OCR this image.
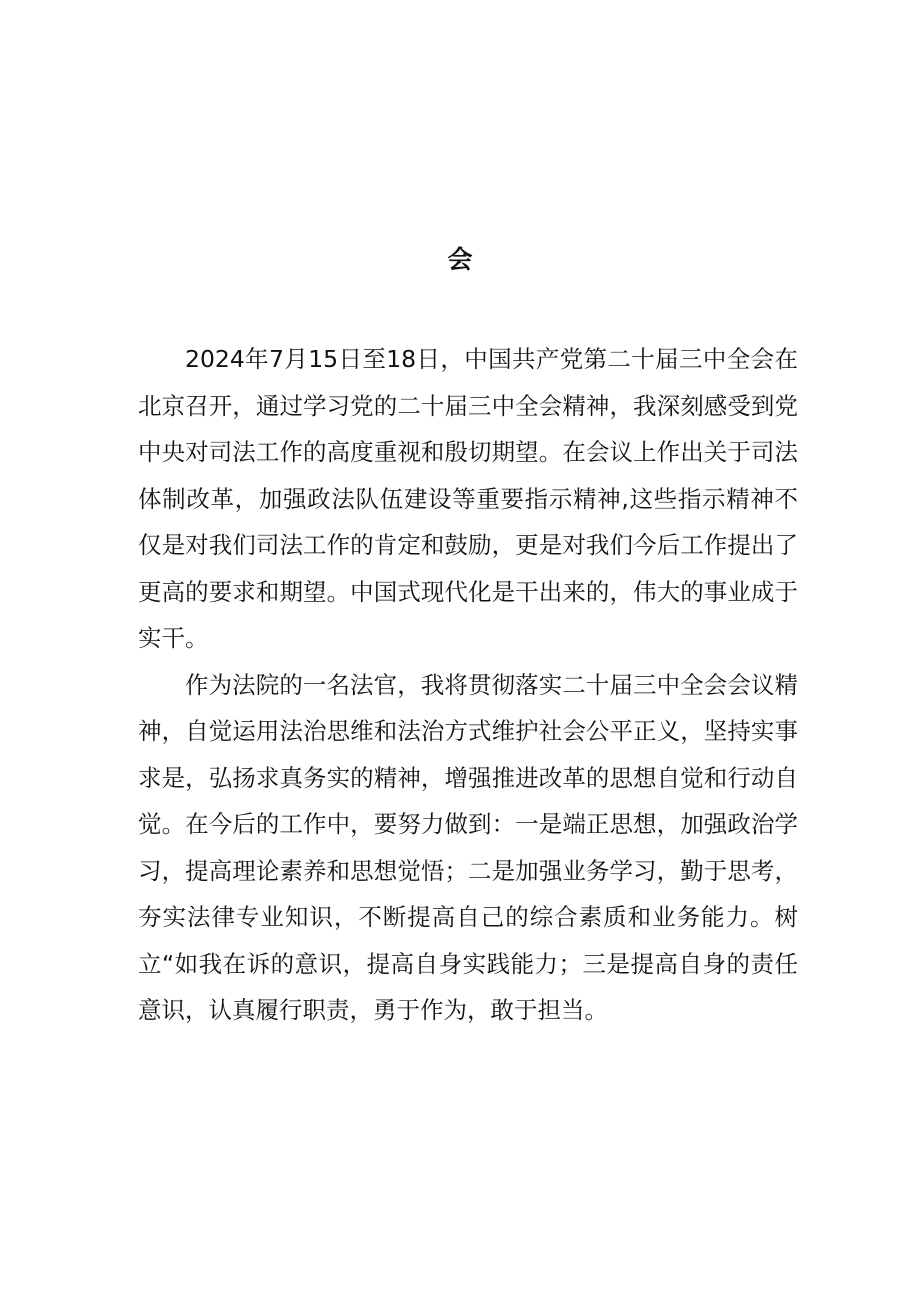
会

2024年7月15日至18日，中国共产党第二十届三中全会在北京召开，通过学习党的二十届三中全会精神，我深刻感受到党中央对司法工作的高度重视和殷切期望。在会议上作出关于司法体制改革，加强政法队伍建设等重要指示精神,这些指示精神不仅是对我们司法工作的肯定和鼓励，更是对我们今后工作提出了更高的要求和期望。中国式现代化是干出来的，伟大的事业成于实干。

作为法院的一名法官，我将贯彻落实二十届三中全会会议精神，自觉运用法治思维和法治方式维护社会公平正义，坚持实事求是，弘扬求真务实的精神，增强推进改革的思想自觉和行动自觉。在今后的工作中，要努力做到：一是端正思想，加强政治学习，提高理论素养和思想觉悟；二是加强业务学习，勤于思考，夯实法律专业知识，不断提高自己的综合素质和业务能力。树立“如我在诉的意识，提高自身实践能力；三是提高自身的责任意识，认真履行职责，勇于作为，敢于担当。
